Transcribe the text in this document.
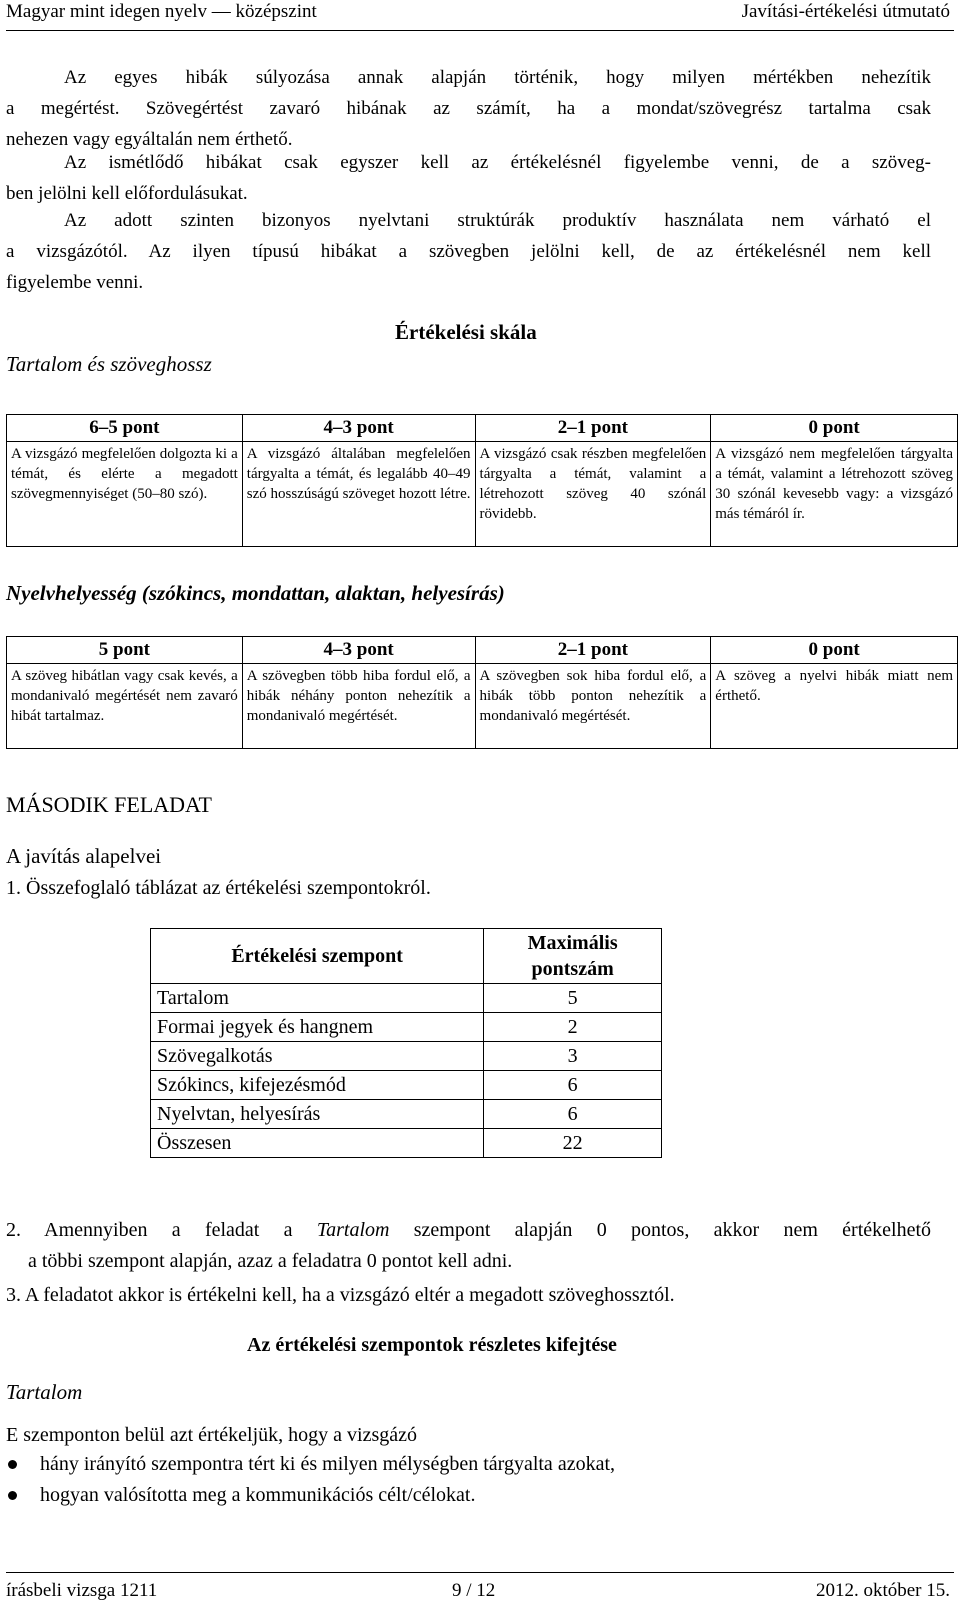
Magyar mint idegen nyelv — középszint	Javítási-értékelési útmutató
Az egyes hibák súlyozása annak alapján történik, hogy milyen mértékben nehezítik
a megértést. Szövegértést zavaró hibának az számít, ha a mondat/szövegrész tartalma csak
nehezen vagy egyáltalán nem érthető.
Az ismétlődő hibákat csak egyszer kell az értékelésnél figyelembe venni, de a szöveg-
ben jelölni kell előfordulásukat.
Az adott szinten bizonyos nyelvtani struktúrák produktív használata nem várható el
a vizsgázótól. Az ilyen típusú hibákat a szövegben jelölni kell, de az értékelésnél nem kell
figyelembe venni.
Értékelési skála
Tartalom és szöveghossz
6–5 pont	4–3 pont	2–1 pont	0 pont
A vizsgázó megfelelően dolgozta ki a témát, és elérte a megadott szövegmennyiséget (50–80 szó).	A vizsgázó általában megfelelően tárgyalta a témát, és legalább 40–49 szó hosszúságú szöveget hozott létre.	A vizsgázó csak részben megfelelően tárgyalta a témát, valamint a létrehozott szöveg 40 szónál rövidebb.	A vizsgázó nem megfelelően tárgyalta a témát, valamint a létrehozott szöveg 30 szónál kevesebb vagy: a vizsgázó más témáról ír.
Nyelvhelyesség (szókincs, mondattan, alaktan, helyesírás)
5 pont	4–3 pont	2–1 pont	0 pont
A szöveg hibátlan vagy csak kevés, a mondanivaló megértését nem zavaró hibát tartalmaz.	A szövegben több hiba fordul elő, a hibák néhány ponton nehezítik a mondanivaló megértését.	A szövegben sok hiba fordul elő, a hibák több ponton nehezítik a mondanivaló megértését.	A szöveg a nyelvi hibák miatt nem érthető.
MÁSODIK FELADAT
A javítás alapelvei
1. Összefoglaló táblázat az értékelési szempontokról.
Értékelési szempont	Maximális pontszám
Tartalom	5
Formai jegyek és hangnem	2
Szövegalkotás	3
Szókincs, kifejezésmód	6
Nyelvtan, helyesírás	6
Összesen	22
2. Amennyiben a feladat a Tartalom szempont alapján 0 pontos, akkor nem értékelhető
a többi szempont alapján, azaz a feladatra 0 pontot kell adni.
3. A feladatot akkor is értékelni kell, ha a vizsgázó eltér a megadott szöveghossztól.
Az értékelési szempontok részletes kifejtése
Tartalom
E szemponton belül azt értékeljük, hogy a vizsgázó
hány irányító szempontra tért ki és milyen mélységben tárgyalta azokat,
hogyan valósította meg a kommunikációs célt/célokat.
írásbeli vizsga 1211	9 / 12	2012. október 15.
